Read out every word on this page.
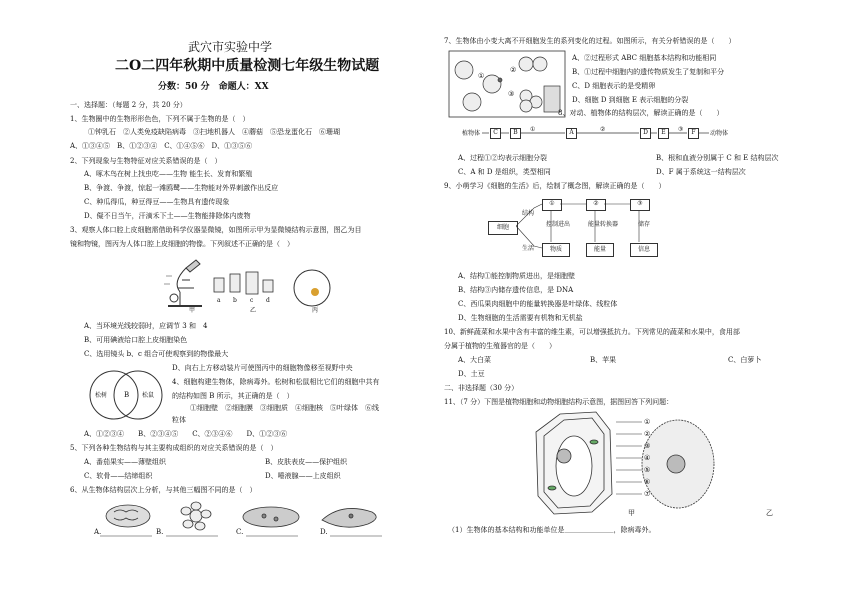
武穴市实验中学
二O二四年秋期中质量检测七年级生物试题
分数：50 分　命题人：XX
一、选择题：（每题 2 分，共 20 分）
1、生物圈中的生物形形色色，下列不属于生物的是（　）
①钟乳石　②人类免疫缺陷病毒　③扫地机器人　④蘑菇　⑤恐龙蛋化石　⑥珊瑚
A、①③④⑤　B、①②③④　C、①④⑤⑥　D、①③⑤⑥
2、下列现象与生物特征对应关系错误的是（　）
A、啄木鸟在树上找虫吃——生物 能生长、发育和繁殖
B、争渡、争渡，惊起一滩鸥鹭——生物能对外界刺激作出反应
C、种瓜得瓜，种豆得豆——生物具有遗传现象
D、儗不日当午，汗滴禾下土——生物能排除体内废物
3、观察人体口腔上皮细胞需借助科学仪器显微镜，如图所示甲为显微镜结构示意图，图乙为目
镜和物镜，图丙为人体口腔上皮细胞的物像。下列叙述不正确的是（　）
甲
a b c d
乙	丙
A、当环境光线较弱时，应调节 3 和　4
B、可用碘液给口腔上皮细胞染色
C、选用镜头 b、c 组合可使观察到的物像最大
D、向右上方移动装片可使图丙中的细胞物像移至视野中央
松树 B 松鼠
4、细胞构建生物体，除病毒外。松树和松鼠相比它们的细胞中共有
的结构如图 B 所示，其正确的是（　）
①细胞壁　②细胞膜　③细胞质　④细胞核　⑤叶绿体　⑥线
粒体
A、①②③④　　B、②③④⑤　　C、②③④⑥　　D、①②③⑥
5、下列各种生物结构与其主要构成组织的对应关系错误的是（　）
A、番茄果实——薄壁组织	B、皮肤表皮——保护组织
C、软骨——结缔组织	D、唾液腺——上皮组织
6、从生物体结构层次上分析，与其他三幅图不同的是（　）
A.	B.	C.	D.
7、生物体由小变大离不开细胞发生的系列变化的过程。如图所示，有关分析错误的是（　　）
①
②
③
A、②过程形式 ABC 细胞基本结构和功能相同
B、①过程中细胞内的遗传物质发生了复制和平分
C、D 细胞表示的是受精卵
D、细胞 D 到细胞 E 表示细胞的分裂
8、对动、植物体的结构层次，解读正确的是（　　）
植物体	C	B	①	A	②	D	E	③	F	动物体
A、过程①②均表示细胞分裂	B、根和血液分别属于 C 和 E 结构层次
C、A 和 D 是组织，类型相同	D、F 属于系统这一结构层次
9、小萌学习《细胞的生活》后，绘制了概念图，解读正确的是（　　）
细胞
结构
生活
①	②	③
控制进出	能量转换器	储存
物质	能量	信息
A、结构①能控制物质进出，是细胞壁
B、结构③内储存遗传信息，是 DNA
C、西瓜果肉细胞中的能量转换器是叶绿体、线粒体
D、生物细胞的生活需要有机物和无机盐
10、新鲜蔬菜和水果中含有丰富的维生素，可以增强抵抗力。下列常见的蔬菜和水果中，食用部
分属于植物的生殖器官的是（　　）
A、大白菜	B、苹果	C、白萝卜
D、土豆
二、非选择题（30 分）
11、（7 分）下图是植物细胞和动物细胞结构示意图，据图回答下列问题：
①
②
③
④
⑤
⑥
⑦
甲	乙
（1）生物体的基本结构和功能单位是＿＿＿＿＿＿＿，除病毒外。
